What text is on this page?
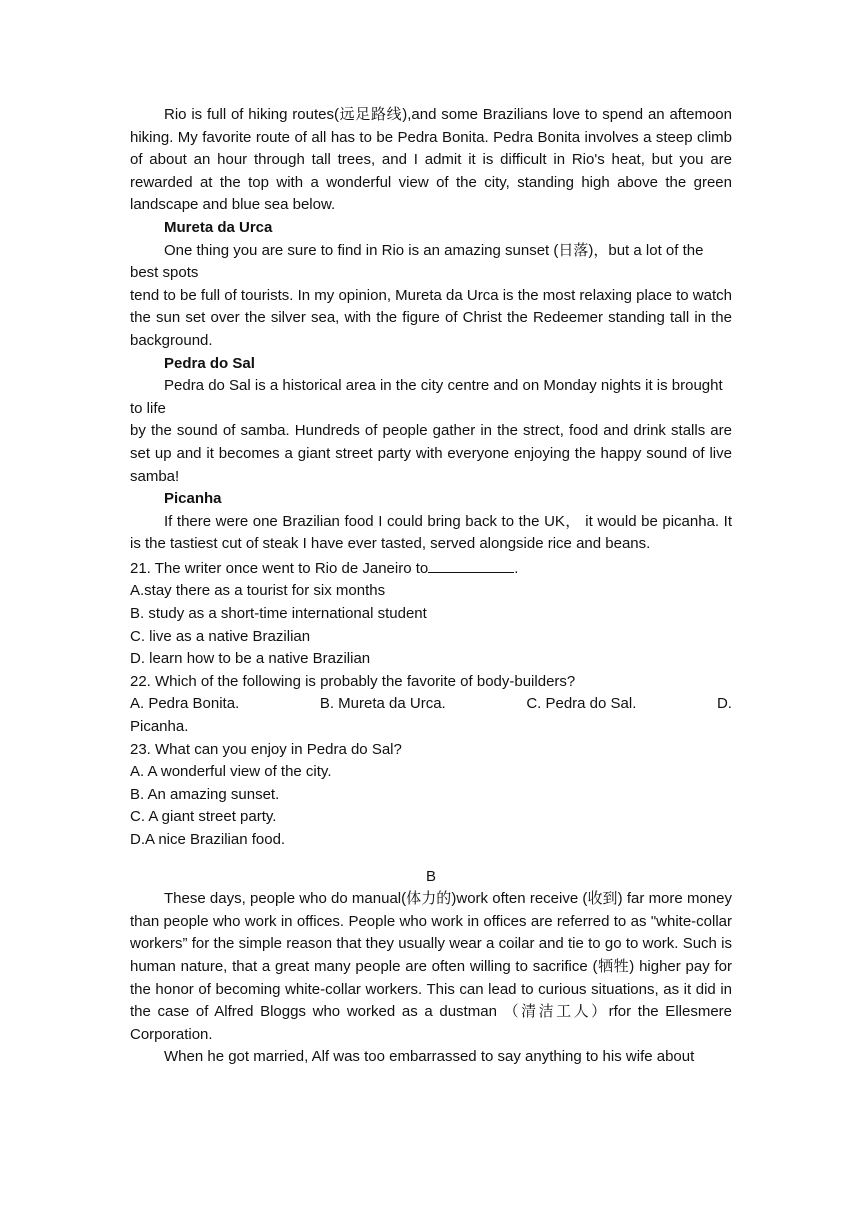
Rio is full of hiking routes(远足路线),and some Brazilians love to spend an aftemoon hiking. My favorite route of all has to be Pedra Bonita. Pedra Bonita involves a steep climb of about an hour through tall trees, and I admit it is difficult in Rio's heat, but you are rewarded at the top with a wonderful view of the city, standing high above the green landscape and blue sea below.

Mureta da Urca

One thing you are sure to find in Rio is an amazing sunset (日落)，but a lot of the best spots

tend to be full of tourists. In my opinion, Mureta da Urca is the most relaxing place to watch the sun set over the silver sea, with the figure of Christ the Redeemer standing tall in the background.

Pedra do Sal

Pedra do Sal is a historical area in the city centre and on Monday nights it is brought to life

by the sound of samba. Hundreds of people gather in the strect, food and drink stalls are set up and it becomes a giant street party with everyone enjoying the happy sound of live samba!

Picanha

If there were one Brazilian food I could bring back to the UK， it would be picanha. It is the tastiest cut of steak I have ever tasted, served alongside rice and beans.

21. The writer once went to Rio de Janeiro to	.

A.stay there as a tourist for six months

B. study as a short-time international student

C. live as a native Brazilian

D. learn how to be a native Brazilian

22. Which of the following is probably the favorite of body-builders?

A. Pedra Bonita.	B. Mureta da Urca.	C. Pedra do Sal.	D.

Picanha.

23. What can you enjoy in Pedra do Sal?

A. A wonderful view of the city.

B. An amazing sunset.

C. A giant street party.

D.A nice Brazilian food.

B

These days, people who do manual(体力的)work often receive (收到) far more money than people who work in offices. People who work in offices are referred to as "white-collar workers” for the simple reason that they usually wear a coilar and tie to go to work. Such is human nature, that a great many people are often willing to sacrifice (牺牲) higher pay for the honor of becoming white-collar workers. This can lead to curious situations, as it did in the case of Alfred Bloggs who worked as a dustman （清洁工人）rfor the Ellesmere Corporation.

When he got married, Alf was too embarrassed to say anything to his wife about
